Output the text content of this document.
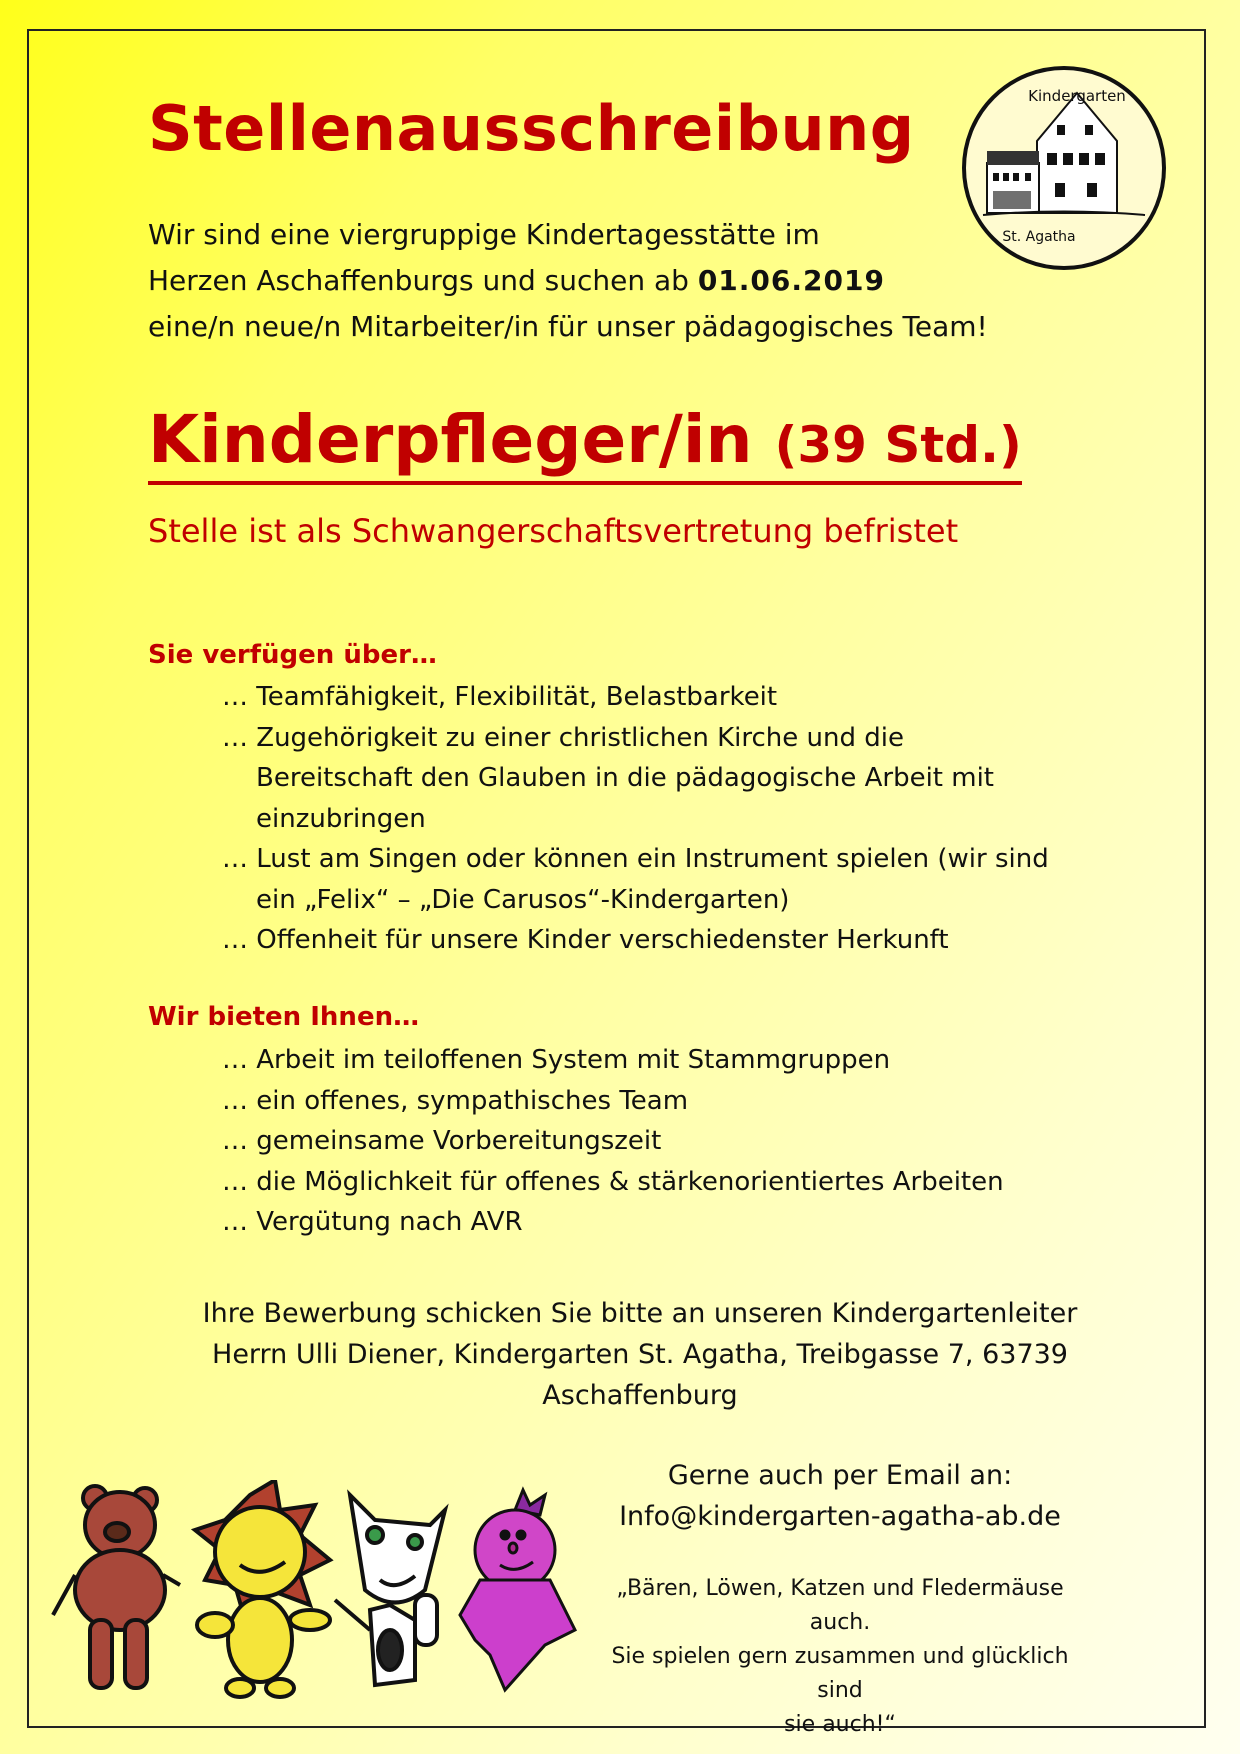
Stellenausschreibung	Kindergarten
St. Agatha
Wir sind eine viergruppige Kindertagesstätte im
Herzen Aschaffenburgs und suchen ab 01.06.2019
eine/n neue/n Mitarbeiter/in für unser pädagogisches Team!
Kinderpfleger/in (39 Std.)
Stelle ist als Schwangerschaftsvertretung befristet
Sie verfügen über…
… Teamfähigkeit, Flexibilität, Belastbarkeit
… Zugehörigkeit zu einer christlichen Kirche und die
Bereitschaft den Glauben in die pädagogische Arbeit mit
einzubringen
… Lust am Singen oder können ein Instrument spielen (wir sind
ein „Felix“ – „Die Carusos“-Kindergarten)
… Offenheit für unsere Kinder verschiedenster Herkunft
Wir bieten Ihnen…
… Arbeit im teiloffenen System mit Stammgruppen
… ein offenes, sympathisches Team
… gemeinsame Vorbereitungszeit
… die Möglichkeit für offenes & stärkenorientiertes Arbeiten
… Vergütung nach AVR
Ihre Bewerbung schicken Sie bitte an unseren Kindergartenleiter
Herrn Ulli Diener, Kindergarten St. Agatha, Treibgasse 7, 63739
Aschaffenburg
Gerne auch per Email an:
Info@kindergarten-agatha-ab.de
„Bären, Löwen, Katzen und Fledermäuse auch.
Sie spielen gern zusammen und glücklich sind
sie auch!“
